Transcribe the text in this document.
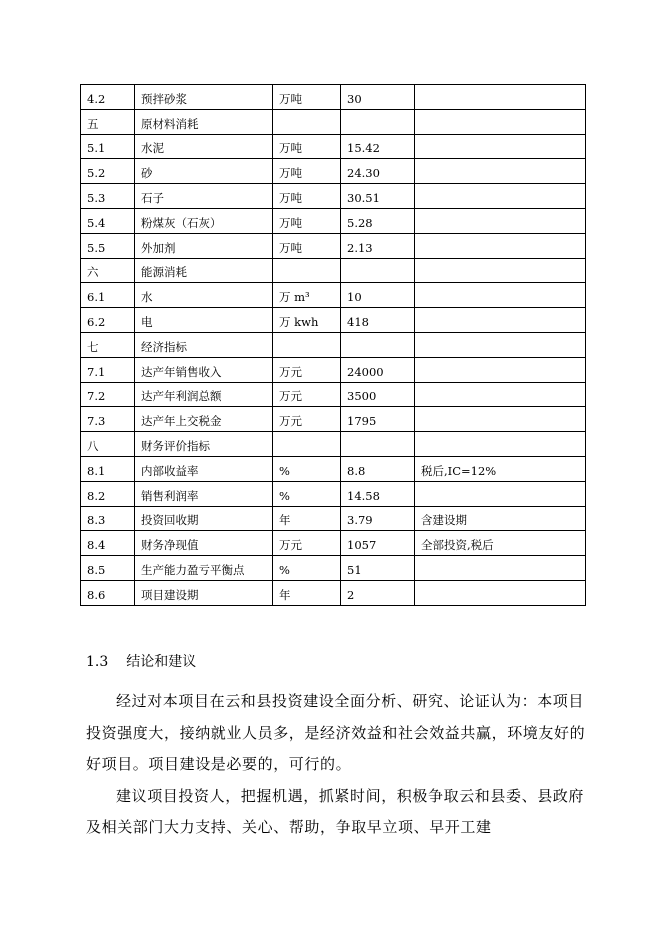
4.2	预拌砂浆	万吨	30	
五	原材料消耗			
5.1	水泥	万吨	15.42	
5.2	砂	万吨	24.30	
5.3	石子	万吨	30.51	
5.4	粉煤灰（石灰）	万吨	5.28	
5.5	外加剂	万吨	2.13	
六	能源消耗			
6.1	水	万 m³	10	
6.2	电	万 kwh	418	
七	经济指标			
7.1	达产年销售收入	万元	24000	
7.2	达产年利润总额	万元	3500	
7.3	达产年上交税金	万元	1795	
八	财务评价指标			
8.1	内部收益率	%	8.8	税后,IC=12%
8.2	销售利润率	%	14.58	
8.3	投资回收期	年	3.79	含建设期
8.4	财务净现值	万元	1057	全部投资,税后
8.5	生产能力盈亏平衡点	%	51	
8.6	项目建设期	年	2	
1.3 结论和建议

经过对本项目在云和县投资建设全面分析、研究、论证认为：本项目投资强度大，接纳就业人员多，是经济效益和社会效益共赢，环境友好的好项目。项目建设是必要的，可行的。

建议项目投资人，把握机遇，抓紧时间，积极争取云和县委、县政府及相关部门大力支持、关心、帮助，争取早立项、早开工建
